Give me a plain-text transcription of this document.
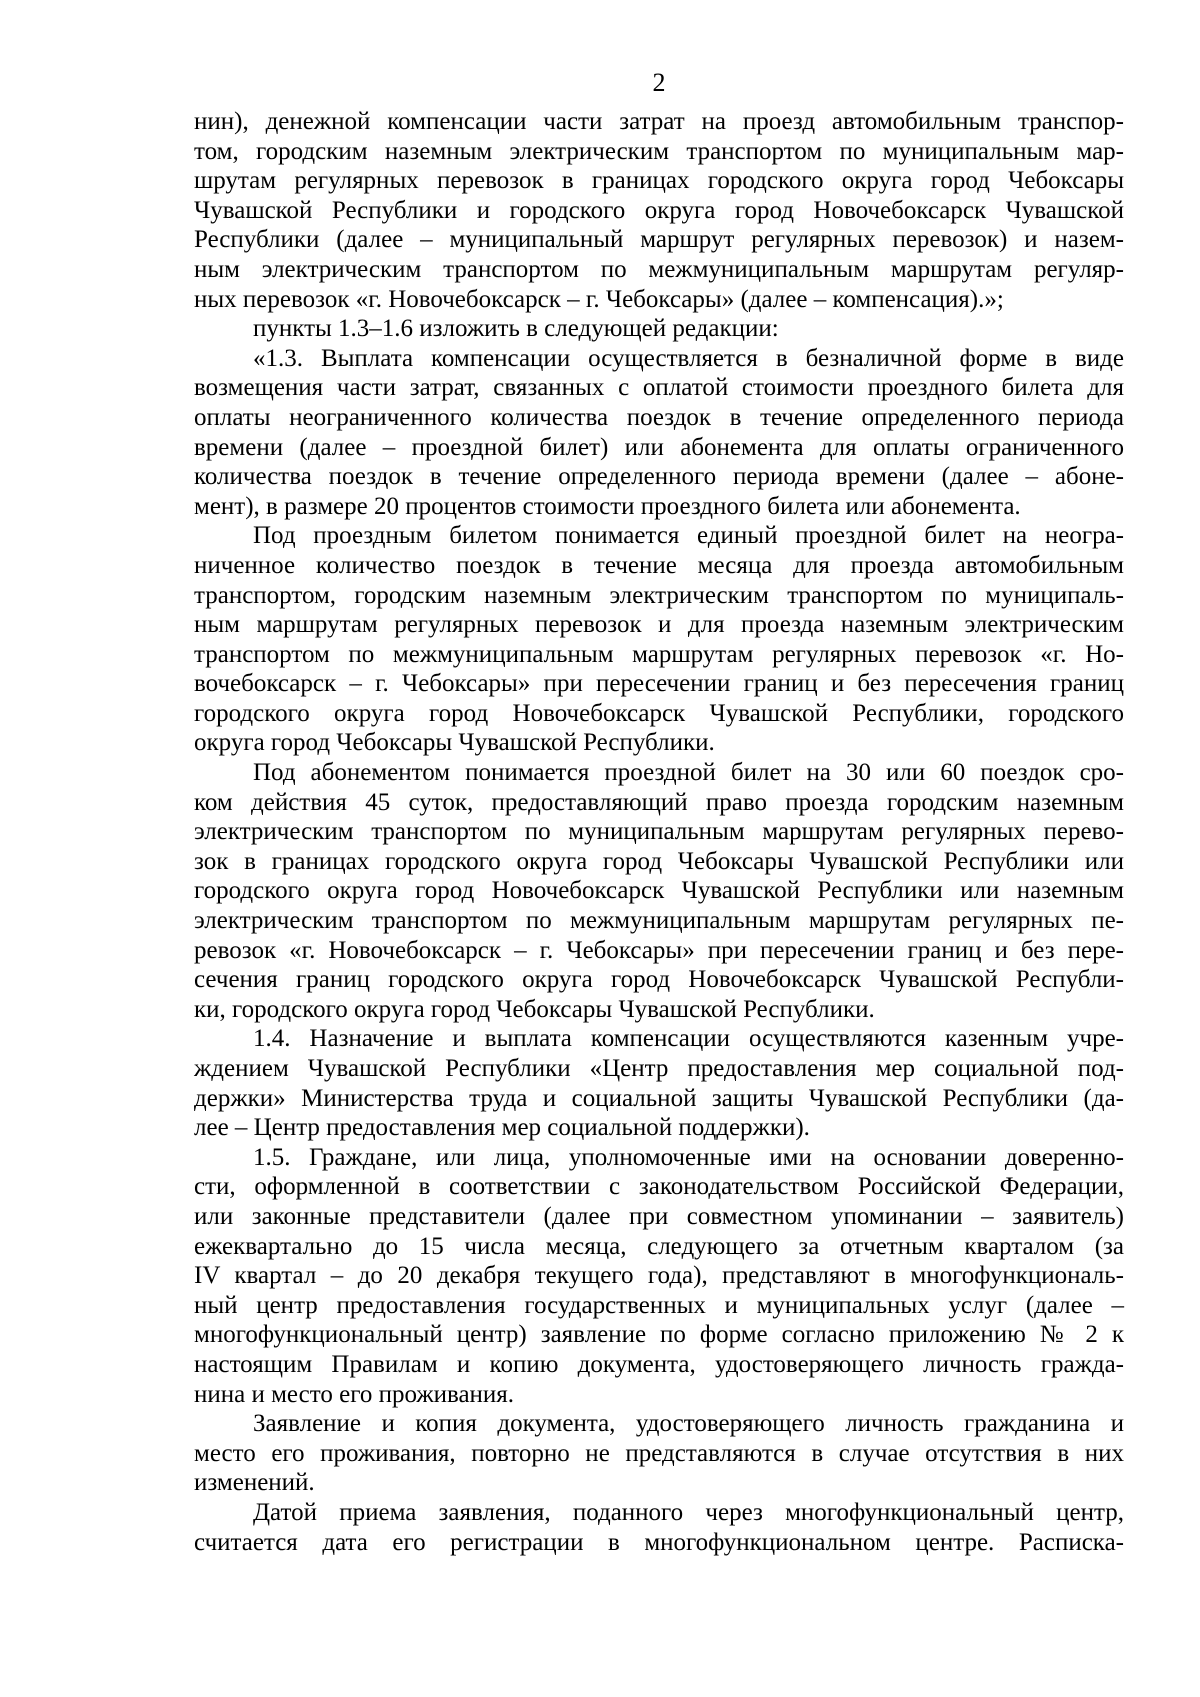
2
нин), денежной компенсации части затрат на проезд автомобильным транспор-
том, городским наземным электрическим транспортом по муниципальным мар-
шрутам регулярных перевозок в границах городского округа город Чебоксары
Чувашской Республики и городского округа город Новочебоксарск Чувашской
Республики (далее – муниципальный маршрут регулярных перевозок) и назем-
ным электрическим транспортом по межмуниципальным маршрутам регуляр-
ных перевозок «г. Новочебоксарск – г. Чебоксары» (далее – компенсация).»;
пункты 1.3–1.6 изложить в следующей редакции:
«1.3. Выплата компенсации осуществляется в безналичной форме в виде
возмещения части затрат, связанных с оплатой стоимости проездного билета для
оплаты неограниченного количества поездок в течение определенного периода
времени (далее – проездной билет) или абонемента для оплаты ограниченного
количества поездок в течение определенного периода времени (далее – абоне-
мент), в размере 20 процентов стоимости проездного билета или абонемента.
Под проездным билетом понимается единый проездной билет на неогра-
ниченное количество поездок в течение месяца для проезда автомобильным
транспортом, городским наземным электрическим транспортом по муниципаль-
ным маршрутам регулярных перевозок и для проезда наземным электрическим
транспортом по межмуниципальным маршрутам регулярных перевозок «г. Но-
вочебоксарск – г. Чебоксары» при пересечении границ и без пересечения границ
городского округа город Новочебоксарск Чувашской Республики, городского
округа город Чебоксары Чувашской Республики.
Под абонементом понимается проездной билет на 30 или 60 поездок сро-
ком действия 45 суток, предоставляющий право проезда городским наземным
электрическим транспортом по муниципальным маршрутам регулярных перево-
зок в границах городского округа город Чебоксары Чувашской Республики или
городского округа город Новочебоксарск Чувашской Республики или наземным
электрическим транспортом по межмуниципальным маршрутам регулярных пе-
ревозок «г. Новочебоксарск – г. Чебоксары» при пересечении границ и без пере-
сечения границ городского округа город Новочебоксарск Чувашской Республи-
ки, городского округа город Чебоксары Чувашской Республики.
1.4. Назначение и выплата компенсации осуществляются казенным учре-
ждением Чувашской Республики «Центр предоставления мер социальной под-
держки» Министерства труда и социальной защиты Чувашской Республики (да-
лее – Центр предоставления мер социальной поддержки).
1.5. Граждане, или лица, уполномоченные ими на основании доверенно-
сти, оформленной в соответствии с законодательством Российской Федерации,
или законные представители (далее при совместном упоминании – заявитель)
ежеквартально до 15 числа месяца, следующего за отчетным кварталом (за
IV квартал – до 20 декабря текущего года), представляют в многофункциональ-
ный центр предоставления государственных и муниципальных услуг (далее –
многофункциональный центр) заявление по форме согласно приложению № 2 к
настоящим Правилам и копию документа, удостоверяющего личность гражда-
нина и место его проживания.
Заявление и копия документа, удостоверяющего личность гражданина и
место его проживания, повторно не представляются в случае отсутствия в них
изменений.
Датой приема заявления, поданного через многофункциональный центр,
считается дата его регистрации в многофункциональном центре. Расписка-
